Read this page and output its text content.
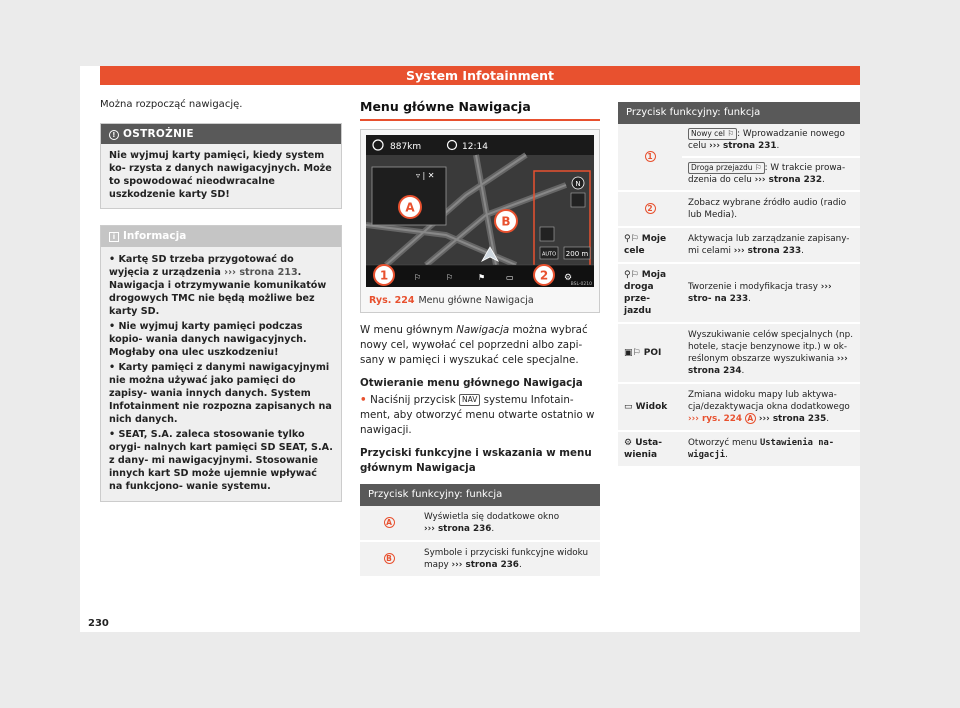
System Infotainment
Można rozpocząć nawigację.
! OSTROŻNIE
Nie wyjmuj karty pamięci, kiedy system ko- rzysta z danych nawigacyjnych. Może to spowodować nieodwracalne uszkodzenie karty SD!
i Informacja

• Kartę SD trzeba przygotować do wyjęcia z urządzenia ››› strona 213. Nawigacja i otrzymywanie komunikatów drogowych TMC nie będą możliwe bez karty SD.

• Nie wyjmuj karty pamięci podczas kopio- wania danych nawigacyjnych. Mogłaby ona ulec uszkodzeniu!

• Karty pamięci z danymi nawigacyjnymi nie można używać jako pamięci do zapisy- wania innych danych. System Infotainment nie rozpozna zapisanych na nich danych.

• SEAT, S.A. zaleca stosowanie tylko orygi- nalnych kart pamięci SD SEAT, S.A. z dany- mi nawigacyjnymi. Stosowanie innych kart SD może ujemnie wpływać na funkcjono- wanie systemu.

Menu główne Nawigacja
887km	12:14
▿ | ✕
A
B
N
AUTO 200 m
⚐	⚐	⚑	▭	⚙
1	2
BSL-0210
Rys. 224 Menu główne Nawigacja
W menu głównym Nawigacja można wybrać nowy cel, wywołać cel poprzedni albo zapi- sany w pamięci i wyszukać cele specjalne.
Otwieranie menu głównego Nawigacja
• Naciśnij przycisk NAV systemu Infotain- ment, aby otworzyć menu otwarte ostatnio w nawigacji.
Przyciski funkcyjne i wskazania w menu głównym Nawigacja
Przycisk funkcyjny: funkcja	
A	Wyświetla się dodatkowe okno
››› strona 236.
B	Symbole i przyciski funkcyjne widoku mapy ››› strona 236.
Przycisk funkcyjny: funkcja	
1	Nowy cel ⚐ : Wprowadzanie nowego celu ››› strona 231.
	Droga przejazdu ⚐ : W trakcie prowa- dzenia do celu ››› strona 232.
2	Zobacz wybrane źródło audio (radio lub Media).
⚲⚐ Moje cele	Aktywacja lub zarządzanie zapisany- mi celami ››› strona 233.
⚲⚐ Moja droga prze- jazdu	Tworzenie i modyfikacja trasy ››› stro- na 233.
▣⚐ POI	Wyszukiwanie celów specjalnych (np. hotele, stacje benzynowe itp.) w ok- reślonym obszarze wyszukiwania ››› strona 234.
▭ Widok	Zmiana widoku mapy lub aktywa- cja/dezaktywacja okna dodatkowego ››› rys. 224 A ››› strona 235.
⚙ Usta- wienia	Otworzyć menu Ustawienia na- wigacji.
230
